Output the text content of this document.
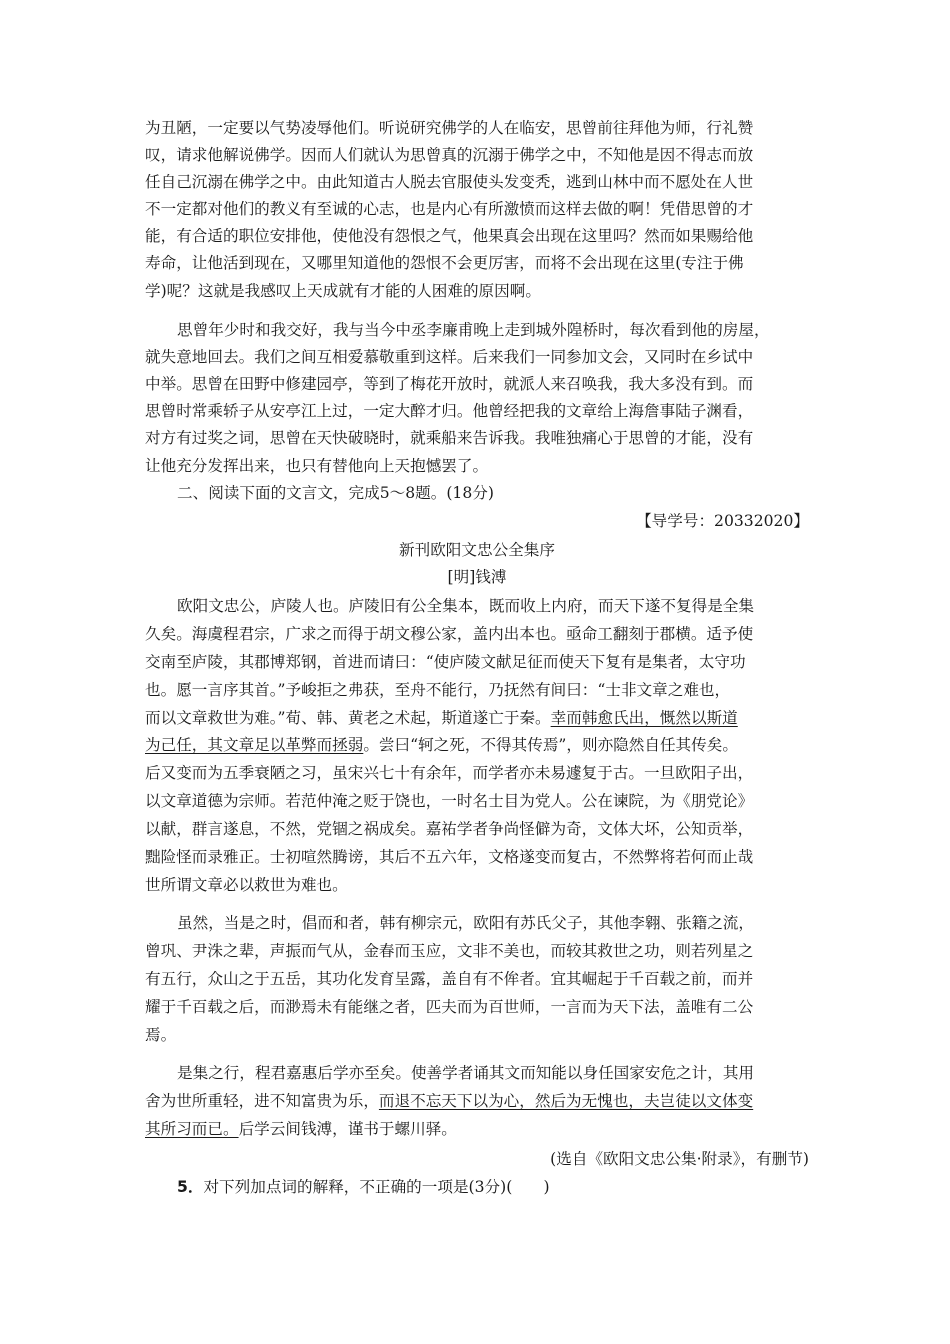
为丑陋，一定要以气势凌辱他们。听说研究佛学的人在临安，思曾前往拜他为师，行礼赞
叹，请求他解说佛学。因而人们就认为思曾真的沉溺于佛学之中，不知他是因不得志而放
任自己沉溺在佛学之中。由此知道古人脱去官服使头发变秃，逃到山林中而不愿处在人世
不一定都对他们的教义有至诚的心志，也是内心有所激愤而这样去做的啊！凭借思曾的才
能，有合适的职位安排他，使他没有怨恨之气，他果真会出现在这里吗？然而如果赐给他
寿命，让他活到现在，又哪里知道他的怨恨不会更厉害，而将不会出现在这里(专注于佛
学)呢？这就是我感叹上天成就有才能的人困难的原因啊。
思曾年少时和我交好，我与当今中丞李廉甫晚上走到城外隍桥时，每次看到他的房屋，
就失意地回去。我们之间互相爱慕敬重到这样。后来我们一同参加文会，又同时在乡试中
中举。思曾在田野中修建园亭，等到了梅花开放时，就派人来召唤我，我大多没有到。而
思曾时常乘轿子从安亭江上过，一定大醉才归。他曾经把我的文章给上海詹事陆子渊看，
对方有过奖之词，思曾在天快破晓时，就乘船来告诉我。我唯独痛心于思曾的才能，没有
让他充分发挥出来，也只有替他向上天抱憾罢了。
二、阅读下面的文言文，完成5～8题。(18分)
【导学号：20332020】
新刊欧阳文忠公全集序
[明]钱溥
欧阳文忠公，庐陵人也。庐陵旧有公全集本，既而收上内府，而天下遂不复得是全集
久矣。海虞程君宗，广求之而得于胡文穆公家，盖内出本也。亟命工翻刻于郡横。适予使
交南至庐陵，其郡博郑钢，首进而请曰：“使庐陵文献足征而使天下复有是集者，太守功
也。愿一言序其首。”予峻拒之弗获，至舟不能行，乃抚然有间曰：“士非文章之难也，
而以文章救世为难。”荀、韩、黄老之术起，斯道遂亡于秦。幸而韩愈氏出，慨然以斯道
为己任，其文章足以革弊而拯弱。尝曰“轲之死，不得其传焉”，则亦隐然自任其传矣。
后又变而为五季衰陋之习，虽宋兴七十有余年，而学者亦未易遽复于古。一旦欧阳子出，
以文章道德为宗师。若范仲淹之贬于饶也，一时名士目为党人。公在谏院，为《朋党论》
以献，群言遂息，不然，党锢之祸成矣。嘉祐学者争尚怪僻为奇，文体大坏，公知贡举，
黜险怪而录雅正。士初喧然腾谤，其后不五六年，文格遂变而复古，不然弊将若何而止哉
世所谓文章必以救世为难也。
虽然，当是之时，倡而和者，韩有柳宗元，欧阳有苏氏父子，其他李翱、张籍之流，
曾巩、尹洙之辈，声振而气从，金春而玉应，文非不美也，而较其救世之功，则若列星之
有五行，众山之于五岳，其功化发育呈露，盖自有不侔者。宜其崛起于千百载之前，而并
耀于千百载之后，而渺焉未有能继之者，匹夫而为百世师，一言而为天下法，盖唯有二公
焉。
是集之行，程君嘉惠后学亦至矣。使善学者诵其文而知能以身任国家安危之计，其用
舍为世所重轻，进不知富贵为乐，而退不忘天下以为心，然后为无愧也，夫岂徒以文体变
其所习而已。后学云间钱溥，谨书于螺川驿。
(选自《欧阳文忠公集·附录》，有删节)
5．对下列加点词的解释，不正确的一项是(3分)(　　)
